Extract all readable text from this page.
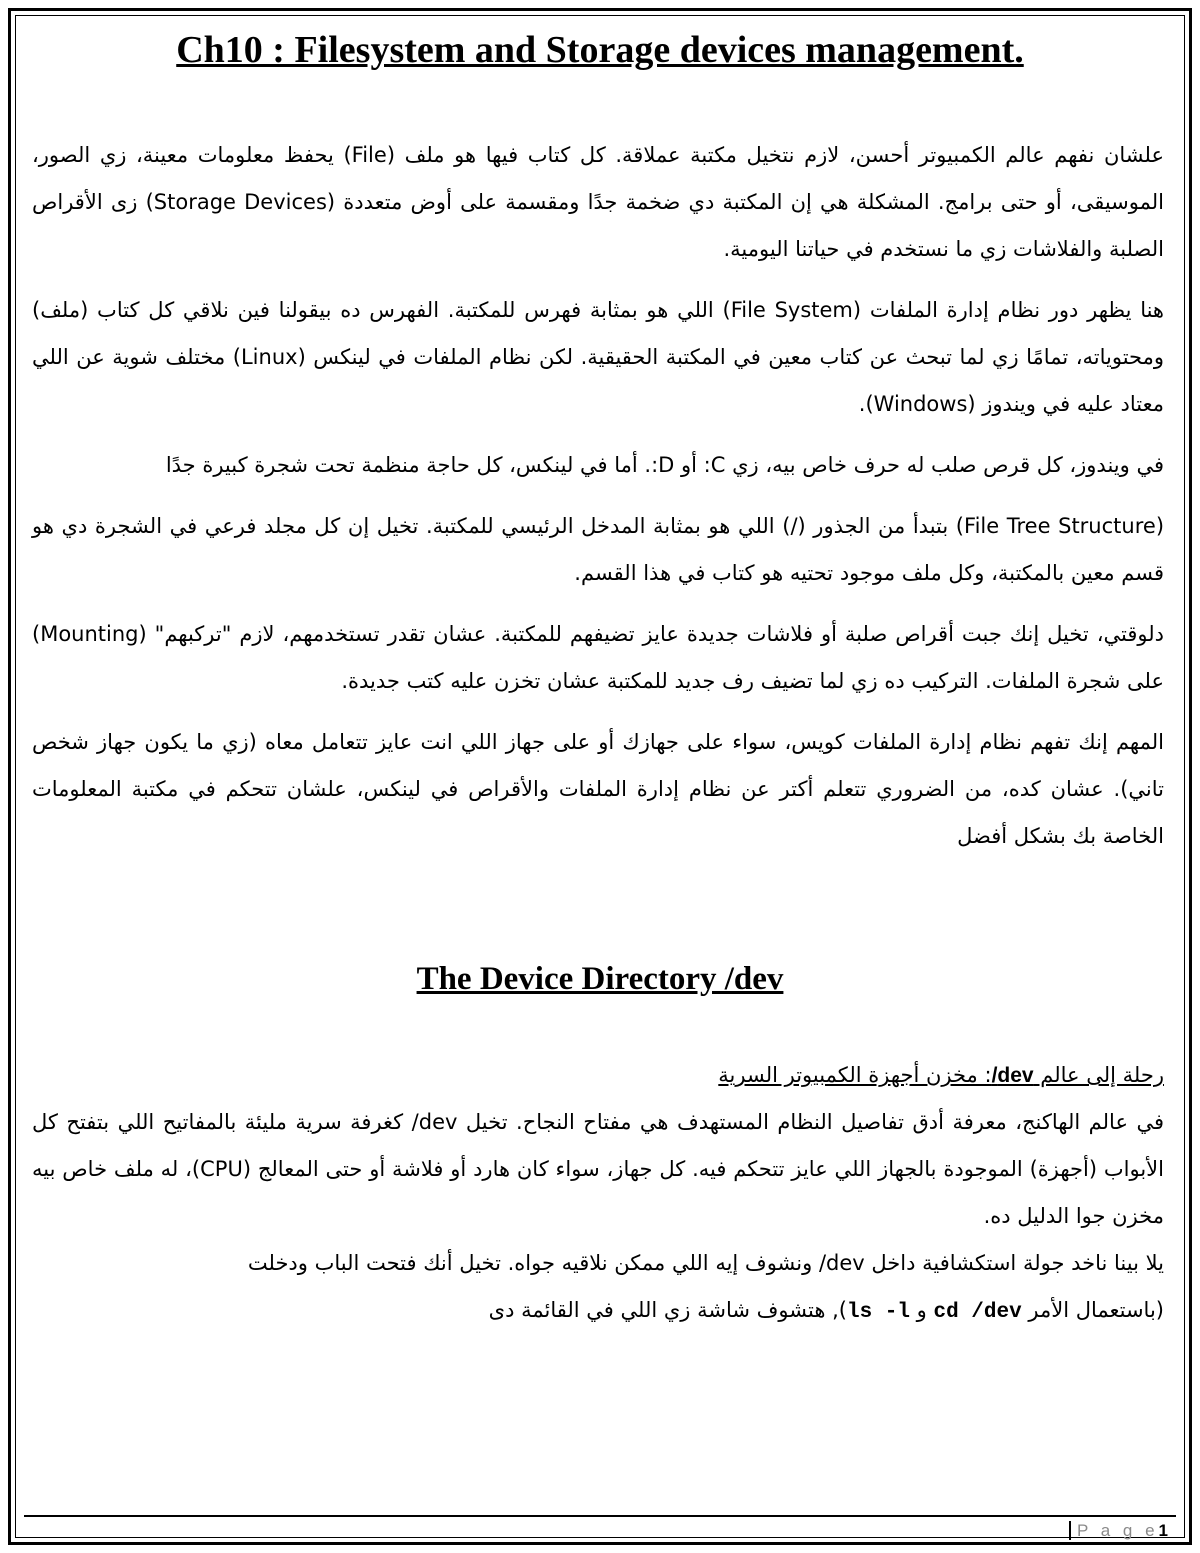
Ch10 : Filesystem and Storage devices management.

علشان نفهم عالم الكمبيوتر أحسن، لازم نتخيل مكتبة عملاقة. كل كتاب فيها هو ملف (File) يحفظ معلومات معينة، زي الصور، الموسيقى، أو حتى برامج. المشكلة هي إن المكتبة دي ضخمة جدًا ومقسمة على أوض متعددة (Storage Devices) زى الأقراص الصلبة والفلاشات زي ما نستخدم في حياتنا اليومية.

هنا يظهر دور نظام إدارة الملفات (File System) اللي هو بمثابة فهرس للمكتبة. الفهرس ده بيقولنا فين نلاقي كل كتاب (ملف) ومحتوياته، تمامًا زي لما تبحث عن كتاب معين في المكتبة الحقيقية. لكن نظام الملفات في لينكس (Linux) مختلف شوية عن اللي معتاد عليه في ويندوز (Windows).

في ويندوز، كل قرص صلب له حرف خاص بيه، زي C: أو D:. أما في لينكس، كل حاجة منظمة تحت شجرة كبيرة جدًا

(File Tree Structure) بتبدأ من الجذور (/) اللي هو بمثابة المدخل الرئيسي للمكتبة. تخيل إن كل مجلد فرعي في الشجرة دي هو قسم معين بالمكتبة، وكل ملف موجود تحتيه هو كتاب في هذا القسم.

دلوقتي، تخيل إنك جبت أقراص صلبة أو فلاشات جديدة عايز تضيفهم للمكتبة. عشان تقدر تستخدمهم، لازم "تركبهم" (Mounting) على شجرة الملفات. التركيب ده زي لما تضيف رف جديد للمكتبة عشان تخزن عليه كتب جديدة.

المهم إنك تفهم نظام إدارة الملفات كويس، سواء على جهازك أو على جهاز اللي انت عايز تتعامل معاه (زي ما يكون جهاز شخص تاني). عشان كده، من الضروري تتعلم أكتر عن نظام إدارة الملفات والأقراص في لينكس، علشان تتحكم في مكتبة المعلومات الخاصة بك بشكل أفضل

The Device Directory /dev

رحلة إلى عالم dev/: مخزن أجهزة الكمبيوتر السرية

في عالم الهاكنج، معرفة أدق تفاصيل النظام المستهدف هي مفتاح النجاح. تخيل dev/ كغرفة سرية مليئة بالمفاتيح اللي بتفتح كل الأبواب (أجهزة) الموجودة بالجهاز اللي عايز تتحكم فيه. كل جهاز، سواء كان هارد أو فلاشة أو حتى المعالج (CPU)، له ملف خاص بيه مخزن جوا الدليل ده.

يلا بينا ناخد جولة استكشافية داخل dev/ ونشوف إيه اللي ممكن نلاقيه جواه. تخيل أنك فتحت الباب ودخلت

(باستعمال الأمر cd /dev و ls -l), هتشوف شاشة زي اللي في القائمة دى

P a g e1
